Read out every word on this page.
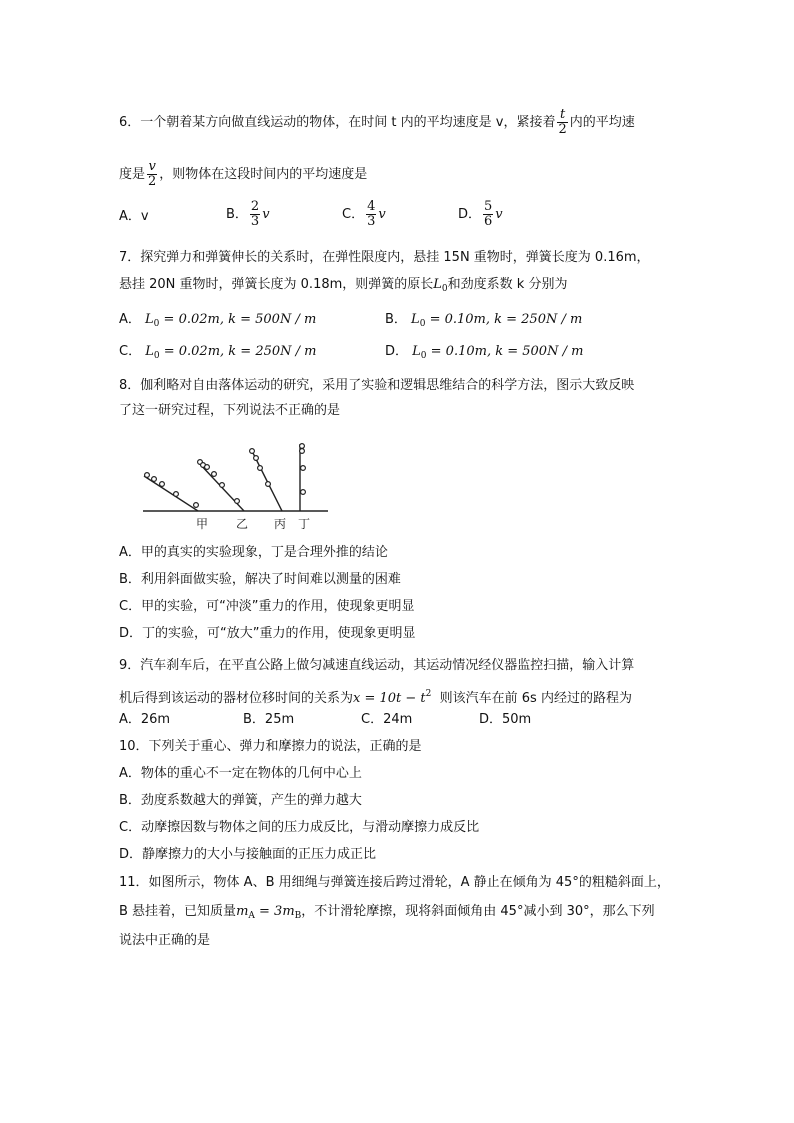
6．一个朝着某方向做直线运动的物体，在时间 t 内的平均速度是 v，紧接着 $\frac{t}{2}$ 内的平均速
度是 $\frac{v}{2}$ ，则物体在这段时间内的平均速度是
A．v	B． $\frac{2}{3}$ v	C． $\frac{4}{3}$ v	D． $\frac{5}{6}$ v
7．探究弹力和弹簧伸长的关系时，在弹性限度内，悬挂 15N 重物时，弹簧长度为 0.16m，
悬挂 20N 重物时，弹簧长度为 0.18m，则弹簧的原长$L_0$和劲度系数 k 分别为
A． $L_0 = 0.02m$, k = 500N / m	B． $L_0 = 0.10m$, k = 250N / m
C． $L_0 = 0.02m$, k = 250N / m	D． $L_0 = 0.10m$, k = 500N / m
8．伽利略对自由落体运动的研究，采用了实验和逻辑思维结合的科学方法，图示大致反映
了这一研究过程，下列说法不正确的是
甲 乙 丙 丁
A．甲的真实的实验现象，丁是合理外推的结论
B．利用斜面做实验，解决了时间难以测量的困难
C．甲的实验，可“冲淡”重力的作用，使现象更明显
D．丁的实验，可“放大”重力的作用，使现象更明显
9．汽车刹车后，在平直公路上做匀减速直线运动，其运动情况经仪器监控扫描，输入计算
机后得到该运动的器材位移时间的关系为$x = 10t - t^2$ 则该汽车在前 6s 内经过的路程为
A．26m	B．25m	C．24m	D．50m
10．下列关于重心、弹力和摩擦力的说法，正确的是
A．物体的重心不一定在物体的几何中心上
B．劲度系数越大的弹簧，产生的弹力越大
C．动摩擦因数与物体之间的压力成反比，与滑动摩擦力成反比
D．静摩擦力的大小与接触面的正压力成正比
11．如图所示，物体 A、B 用细绳与弹簧连接后跨过滑轮，A 静止在倾角为 45°的粗糙斜面上，
B 悬挂着，已知质量$m_A = 3m_B$，不计滑轮摩擦，现将斜面倾角由 45°减小到 30°，那么下列
说法中正确的是
